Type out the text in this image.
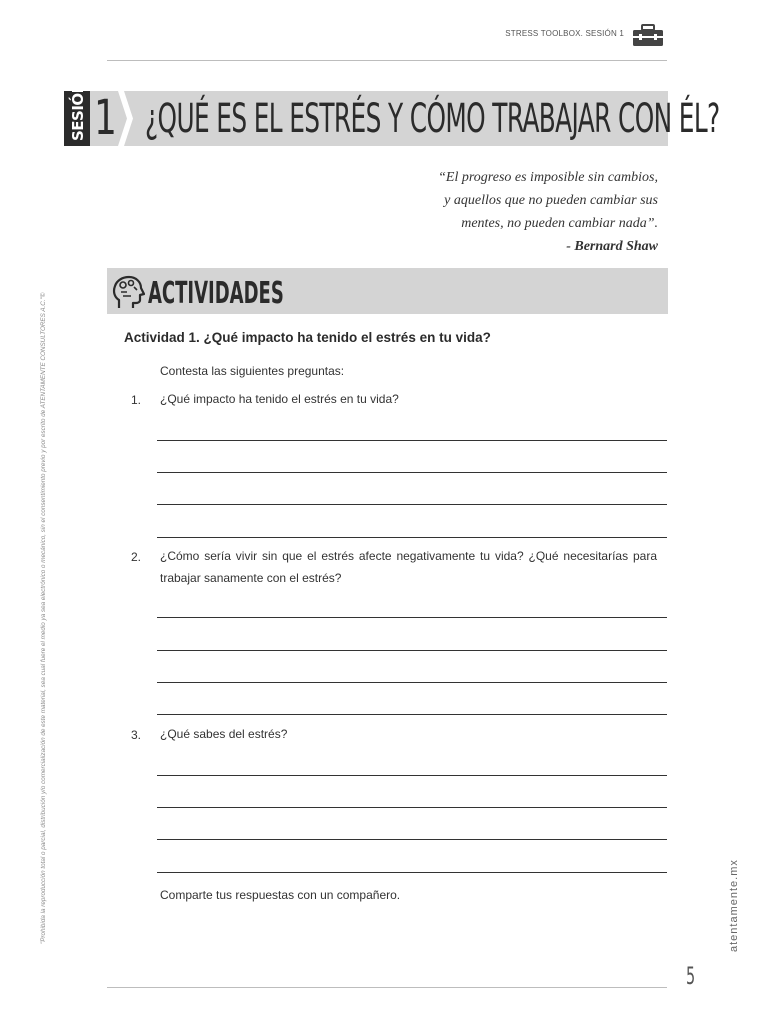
STRESS TOOLBOX. SESIÓN 1
"Prohibida la reproducción total o parcial, distribución y/o comercialización de este material, sea cual fuere el medio ya sea electrónico o mecánico, sin el consentimiento previo y por escrito de ATENTAMENTE CONSULTORES A.C."©	atentamente.mx
SESIÓN 1 ¿QUÉ ES EL ESTRÉS Y CÓMO TRABAJAR CON ÉL?
“El progreso es imposible sin cambios,
y aquellos que no pueden cambiar sus
mentes, no pueden cambiar nada”.
- Bernard Shaw
ACTIVIDADES
Actividad 1. ¿Qué impacto ha tenido el estrés en tu vida?
Contesta las siguientes preguntas:
1. ¿Qué impacto ha tenido el estrés en tu vida?
2. ¿Cómo sería vivir sin que el estrés afecte negativamente tu vida? ¿Qué necesitarías para trabajar sanamente con el estrés?
3. ¿Qué sabes del estrés?
Comparte tus respuestas con un compañero.
5
